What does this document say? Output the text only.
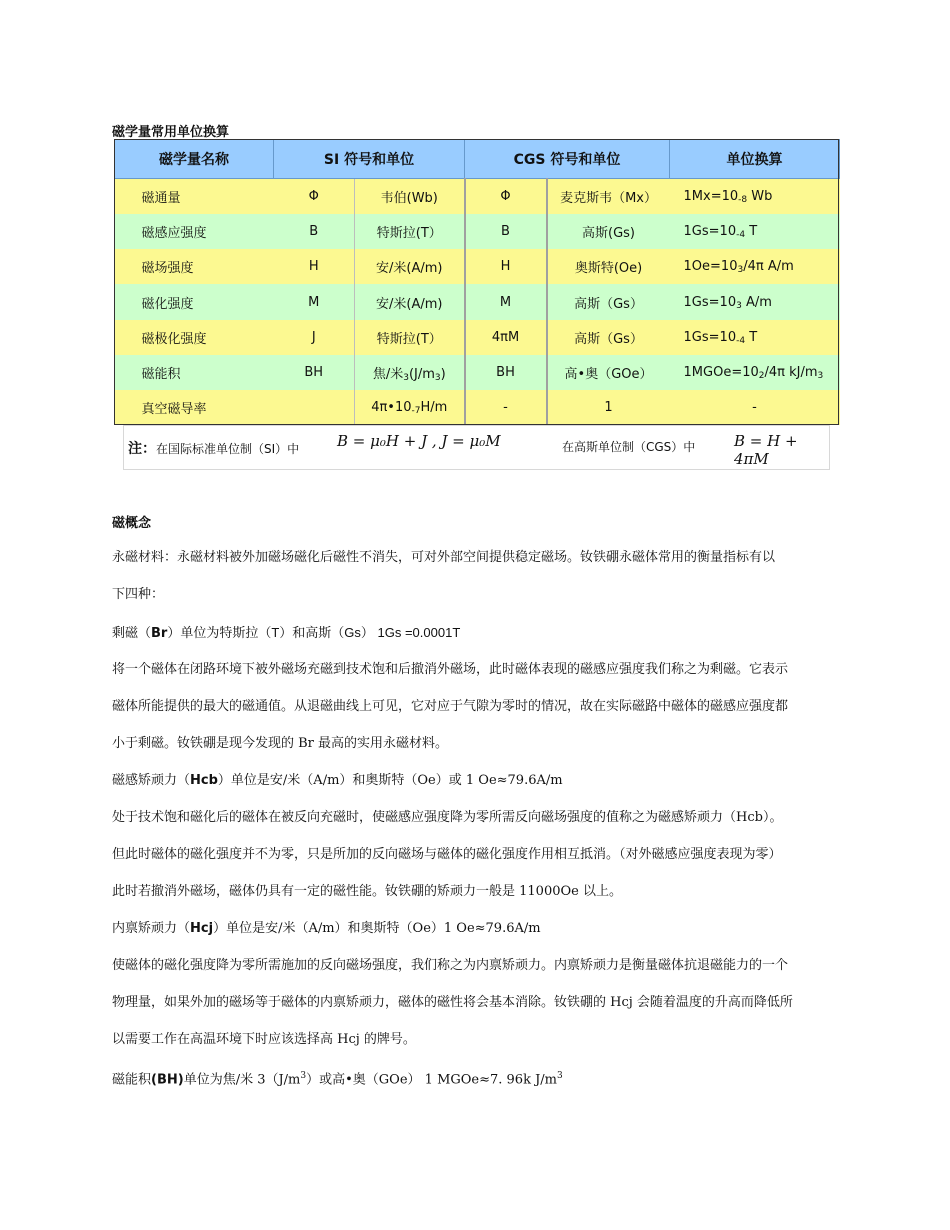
磁学量常用单位换算
磁学量名称	SI 符号和单位		CGS 符号和单位		单位换算
磁通量	Φ	韦伯(Wb)	Φ	麦克斯韦（Mx）	1Mx=10-8 Wb
磁感应强度	B	特斯拉(T）	B	高斯(Gs)	1Gs=10-4 T
磁场强度	H	安/米(A/m)	H	奥斯特(Oe)	1Oe=103/4π A/m
磁化强度	M	安/米(A/m)	M	高斯（Gs）	1Gs=103 A/m
磁极化强度	J	特斯拉(T）	4πM	高斯（Gs）	1Gs=10-4 T
磁能积	BH	焦/米3(J/m3)	BH	高•奥（GOe）	1MGOe=102/4π kJ/m3
真空磁导率		4π•10-7H/m	-	1	-
注：在国际标准单位制（SI）中	B = μ₀H + J , J = μ₀M	在高斯单位制（CGS）中	B = H + 4πM
磁概念
永磁材料：永磁材料被外加磁场磁化后磁性不消失，可对外部空间提供稳定磁场。钕铁硼永磁体常用的衡量指标有以
下四种：
剩磁（Br）单位为特斯拉（T）和高斯（Gs） 1Gs =0.0001T
将一个磁体在闭路环境下被外磁场充磁到技术饱和后撤消外磁场，此时磁体表现的磁感应强度我们称之为剩磁。它表示
磁体所能提供的最大的磁通值。从退磁曲线上可见，它对应于气隙为零时的情况，故在实际磁路中磁体的磁感应强度都
小于剩磁。钕铁硼是现今发现的 Br 最高的实用永磁材料。
磁感矫顽力（Hcb）单位是安/米（A/m）和奥斯特（Oe）或 1 Oe≈79.6A/m
处于技术饱和磁化后的磁体在被反向充磁时，使磁感应强度降为零所需反向磁场强度的值称之为磁感矫顽力（Hcb）。
但此时磁体的磁化强度并不为零，只是所加的反向磁场与磁体的磁化强度作用相互抵消。（对外磁感应强度表现为零）
此时若撤消外磁场，磁体仍具有一定的磁性能。钕铁硼的矫顽力一般是 11000Oe 以上。
内禀矫顽力（Hcj）单位是安/米（A/m）和奥斯特（Oe）1 Oe≈79.6A/m
使磁体的磁化强度降为零所需施加的反向磁场强度，我们称之为内禀矫顽力。内禀矫顽力是衡量磁体抗退磁能力的一个
物理量，如果外加的磁场等于磁体的内禀矫顽力，磁体的磁性将会基本消除。钕铁硼的 Hcj 会随着温度的升高而降低所
以需要工作在高温环境下时应该选择高 Hcj 的牌号。
磁能积(BH)单位为焦/米 $3(J/m^3)$或高•奥（GOe） 1 MGOe≈7. 96k $J/m^3$
